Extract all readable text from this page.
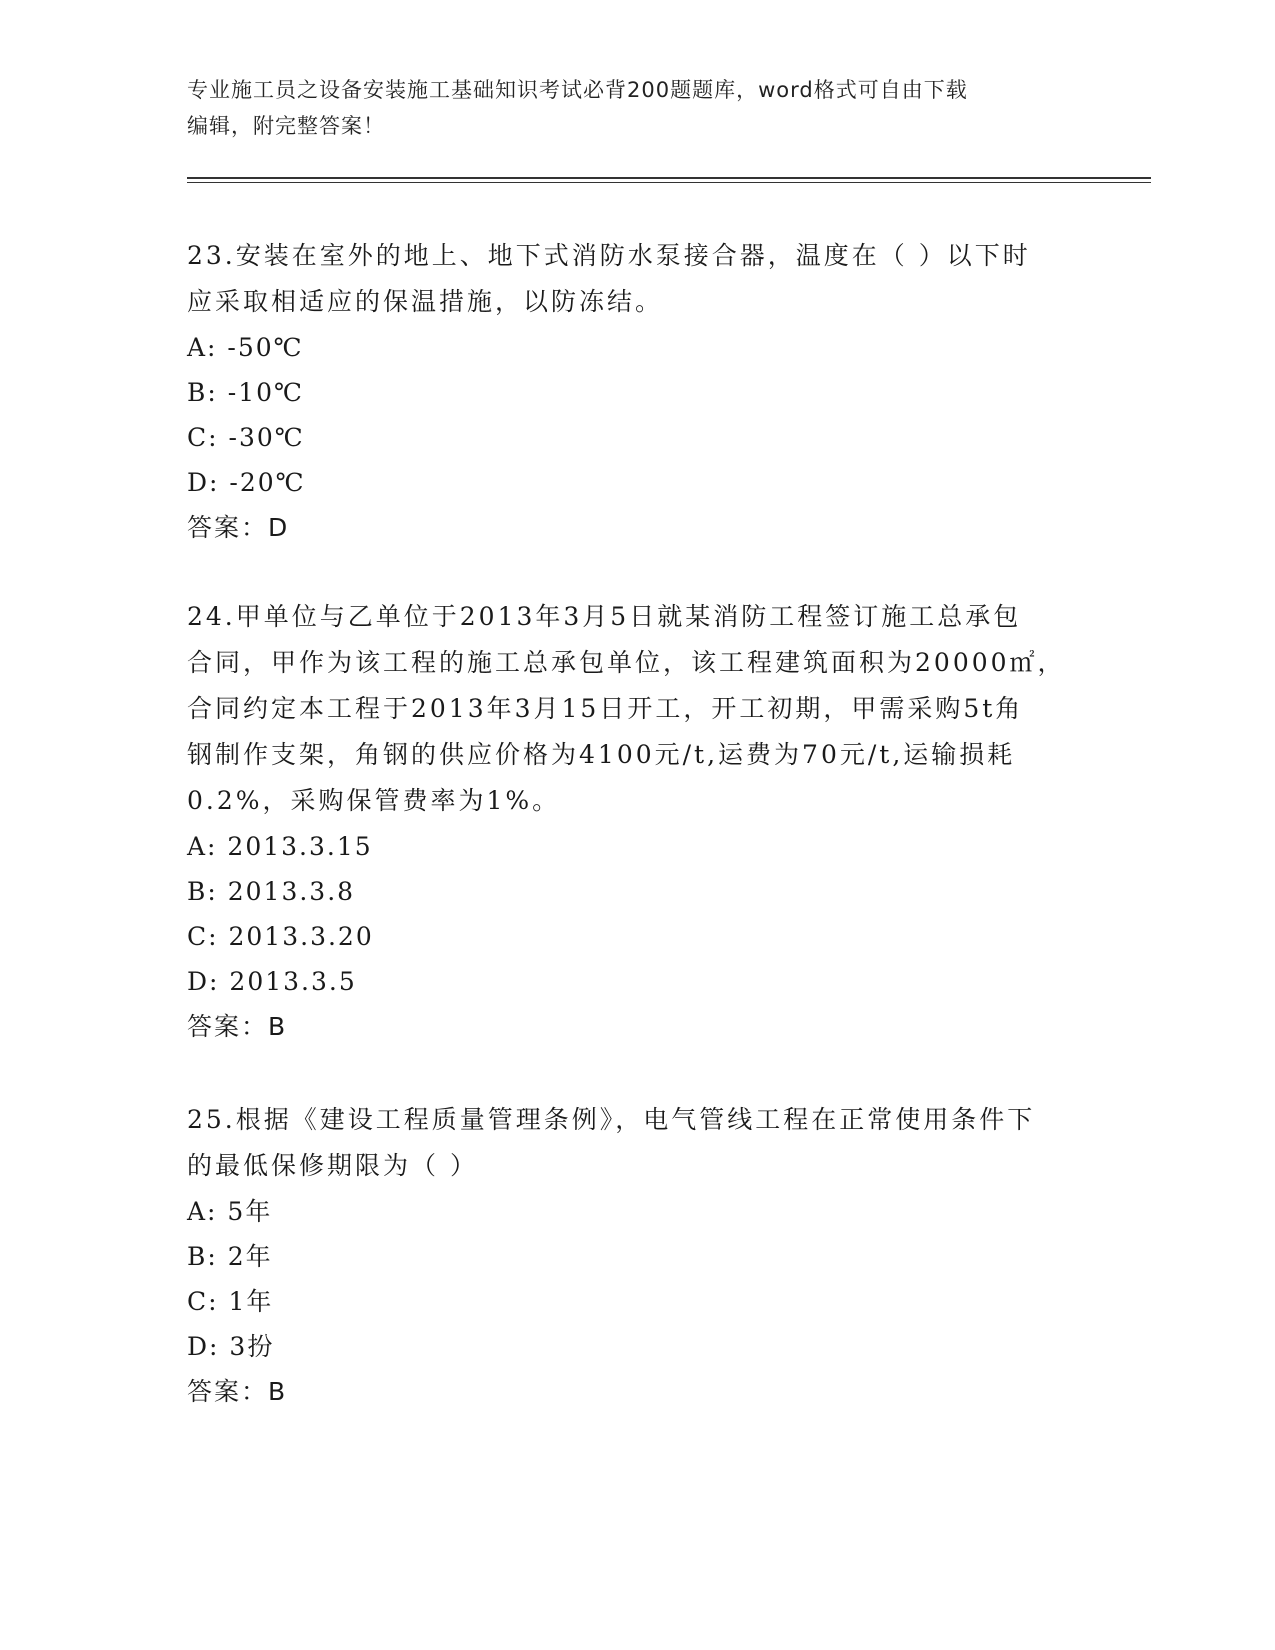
专业施工员之设备安装施工基础知识考试必背200题题库，word格式可自由下载
编辑，附完整答案！

23.安装在室外的地上、地下式消防水泵接合器，温度在（ ）以下时

应采取相适应的保温措施，以防冻结。

A: -50℃

B: -10℃

C: -30℃

D: -20℃

答案：D

24.甲单位与乙单位于2013年3月5日就某消防工程签订施工总承包

合同，甲作为该工程的施工总承包单位，该工程建筑面积为20000㎡，

合同约定本工程于2013年3月15日开工，开工初期，甲需采购5t角

钢制作支架，角钢的供应价格为4100元/t,运费为70元/t,运输损耗

0.2%，采购保管费率为1%。

A: 2013.3.15

B: 2013.3.8

C: 2013.3.20

D: 2013.3.5

答案：B

25.根据《建设工程质量管理条例》，电气管线工程在正常使用条件下

的最低保修期限为（ ）

A: 5年

B: 2年

C: 1年

D: 3扮

答案：B
